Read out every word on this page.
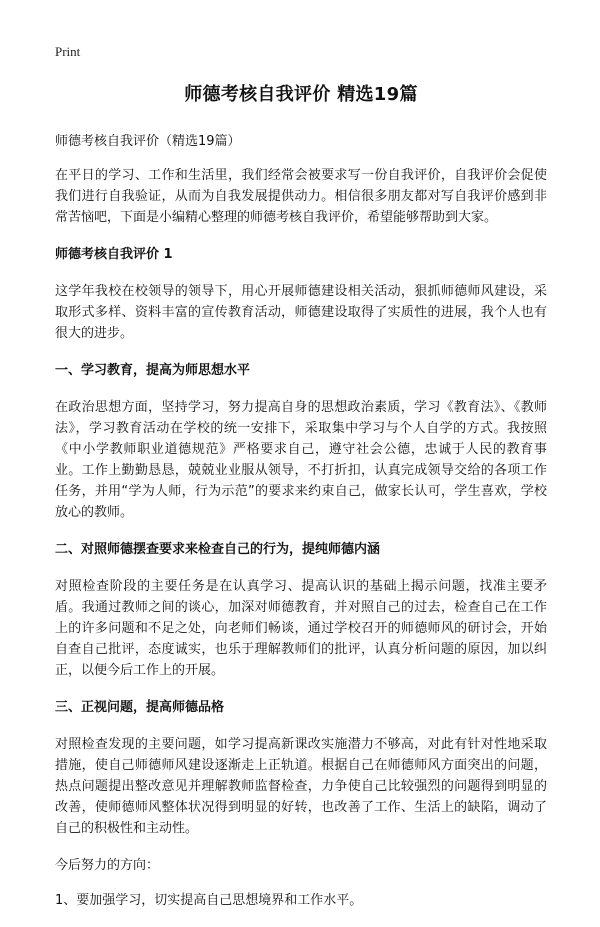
Print
师德考核自我评价 精选19篇
师德考核自我评价（精选19篇）

在平日的学习、工作和生活里，我们经常会被要求写一份自我评价，自我评价会促使我们进行自我验证，从而为自我发展提供动力。相信很多朋友都对写自我评价感到非常苦恼吧，下面是小编精心整理的师德考核自我评价，希望能够帮助到大家。

师德考核自我评价 1

这学年我校在校领导的领导下，用心开展师德建设相关活动，狠抓师德师风建设，采取形式多样、资料丰富的宣传教育活动，师德建设取得了实质性的进展，我个人也有很大的进步。

一、学习教育，提高为师思想水平

在政治思想方面，坚持学习，努力提高自身的思想政治素质，学习《教育法》、《教师法》，学习教育活动在学校的统一安排下，采取集中学习与个人自学的方式。我按照《中小学教师职业道德规范》严格要求自己，遵守社会公德，忠诚于人民的教育事业。工作上勤勤恳恳，兢兢业业服从领导，不打折扣，认真完成领导交给的各项工作任务，并用“学为人师，行为示范”的要求来约束自己，做家长认可，学生喜欢，学校放心的教师。

二、对照师德摆查要求来检查自己的行为，提纯师德内涵

对照检查阶段的主要任务是在认真学习、提高认识的基础上揭示问题，找准主要矛盾。我通过教师之间的谈心，加深对师德教育，并对照自己的过去，检查自己在工作上的许多问题和不足之处，向老师们畅谈，通过学校召开的师德师风的研讨会，开始自查自己批评，态度诚实，也乐于理解教师们的批评，认真分析问题的原因，加以纠正，以便今后工作上的开展。

三、正视问题，提高师德品格

对照检查发现的主要问题，如学习提高新课改实施潜力不够高，对此有针对性地采取措施，使自己师德师风建设逐渐走上正轨道。根据自己在师德师风方面突出的问题，热点问题提出整改意见并理解教师监督检查，力争使自己比较强烈的问题得到明显的改善，使师德师风整体状况得到明显的好转，也改善了工作、生活上的缺陷，调动了自己的积极性和主动性。

今后努力的方向：

1、要加强学习，切实提高自己思想境界和工作水平。
